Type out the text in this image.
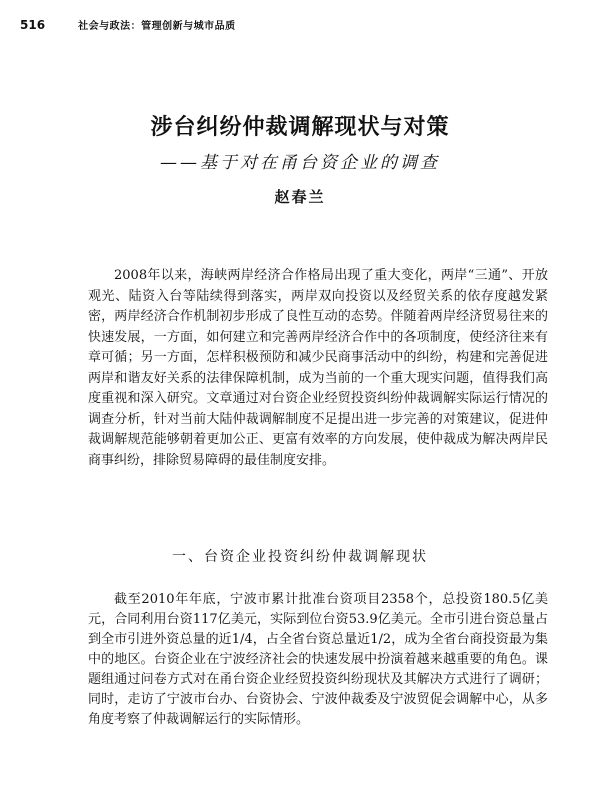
516	社会与政法：管理创新与城市品质
涉台纠纷仲裁调解现状与对策
——基于对在甬台资企业的调查
赵春兰

2008年以来，海峡两岸经济合作格局出现了重大变化，两岸“三通”、开放观光、陆资入台等陆续得到落实，两岸双向投资以及经贸关系的依存度越发紧密，两岸经济合作机制初步形成了良性互动的态势。伴随着两岸经济贸易往来的快速发展，一方面，如何建立和完善两岸经济合作中的各项制度，使经济往来有章可循；另一方面，怎样积极预防和减少民商事活动中的纠纷，构建和完善促进两岸和谐友好关系的法律保障机制，成为当前的一个重大现实问题，值得我们高度重视和深入研究。文章通过对台资企业经贸投资纠纷仲裁调解实际运行情况的调查分析，针对当前大陆仲裁调解制度不足提出进一步完善的对策建议，促进仲裁调解规范能够朝着更加公正、更富有效率的方向发展，使仲裁成为解决两岸民商事纠纷，排除贸易障碍的最佳制度安排。

一、台资企业投资纠纷仲裁调解现状

截至2010年年底，宁波市累计批准台资项目2358个，总投资180.5亿美元，合同利用台资117亿美元，实际到位台资53.9亿美元。全市引进台资总量占到全市引进外资总量的近1/4，占全省台资总量近1/2，成为全省台商投资最为集中的地区。台资企业在宁波经济社会的快速发展中扮演着越来越重要的角色。课题组通过问卷方式对在甬台资企业经贸投资纠纷现状及其解决方式进行了调研；同时，走访了宁波市台办、台资协会、宁波仲裁委及宁波贸促会调解中心，从多角度考察了仲裁调解运行的实际情形。
